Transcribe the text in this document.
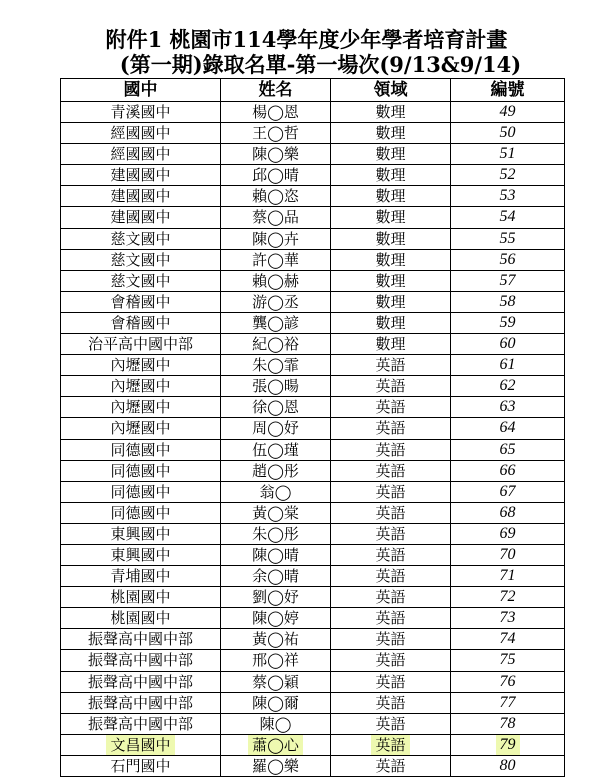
附件1 桃園市114學年度少年學者培育計畫
(第一期)錄取名單-第一場次(9/13&9/14)
國中	姓名	領域	編號
青溪國中	楊◯恩	數理	49
經國國中	王◯哲	數理	50
經國國中	陳◯樂	數理	51
建國國中	邱◯晴	數理	52
建國國中	賴◯恣	數理	53
建國國中	蔡◯品	數理	54
慈文國中	陳◯卉	數理	55
慈文國中	許◯華	數理	56
慈文國中	賴◯赫	數理	57
會稽國中	游◯丞	數理	58
會稽國中	龔◯諺	數理	59
治平高中國中部	紀◯裕	數理	60
內壢國中	朱◯霏	英語	61
內壢國中	張◯暘	英語	62
內壢國中	徐◯恩	英語	63
內壢國中	周◯妤	英語	64
同德國中	伍◯瑾	英語	65
同德國中	趙◯彤	英語	66
同德國中	翁◯	英語	67
同德國中	黃◯棠	英語	68
東興國中	朱◯彤	英語	69
東興國中	陳◯晴	英語	70
青埔國中	余◯晴	英語	71
桃園國中	劉◯妤	英語	72
桃園國中	陳◯婷	英語	73
振聲高中國中部	黃◯祐	英語	74
振聲高中國中部	邢◯祥	英語	75
振聲高中國中部	蔡◯穎	英語	76
振聲高中國中部	陳◯爾	英語	77
振聲高中國中部	陳◯	英語	78
文昌國中	蕭◯心	英語	79
石門國中	羅◯樂	英語	80
